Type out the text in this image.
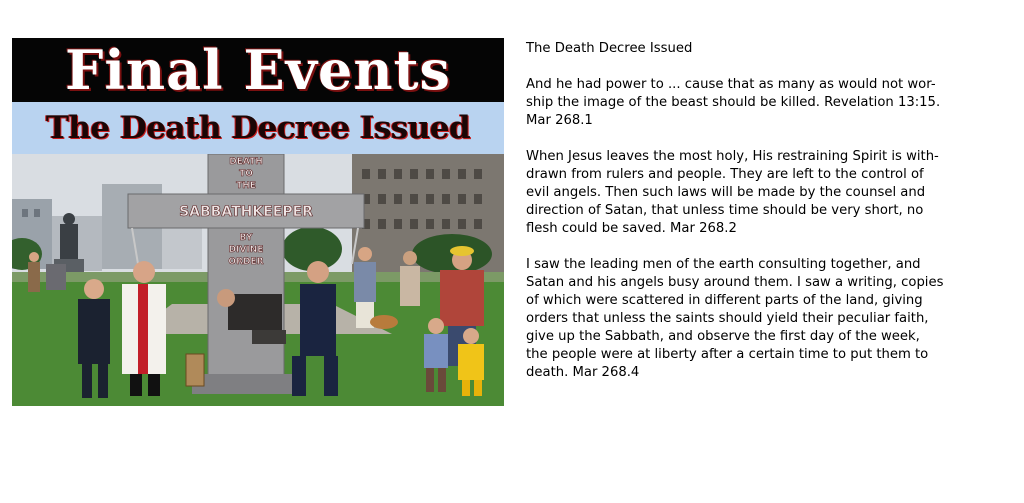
Final Events
The Death Decree Issued
DEATH
TO
THE
SABBATHKEEPER
BY
DIVINE
ORDER

The Death Decree Issued

And he had power to ... cause that as many as would not wor-
ship the image of the beast should be killed. Revelation 13:15.
Mar 268.1

When Jesus leaves the most holy, His restraining Spirit is with-
drawn from rulers and people. They are left to the control of
evil angels. Then such laws will be made by the counsel and
direction of Satan, that unless time should be very short, no
flesh could be saved. Mar 268.2

I saw the leading men of the earth consulting together, and
Satan and his angels busy around them. I saw a writing, copies
of which were scattered in different parts of the land, giving
orders that unless the saints should yield their peculiar faith,
give up the Sabbath, and observe the first day of the week,
the people were at liberty after a certain time to put them to
death. Mar 268.4
